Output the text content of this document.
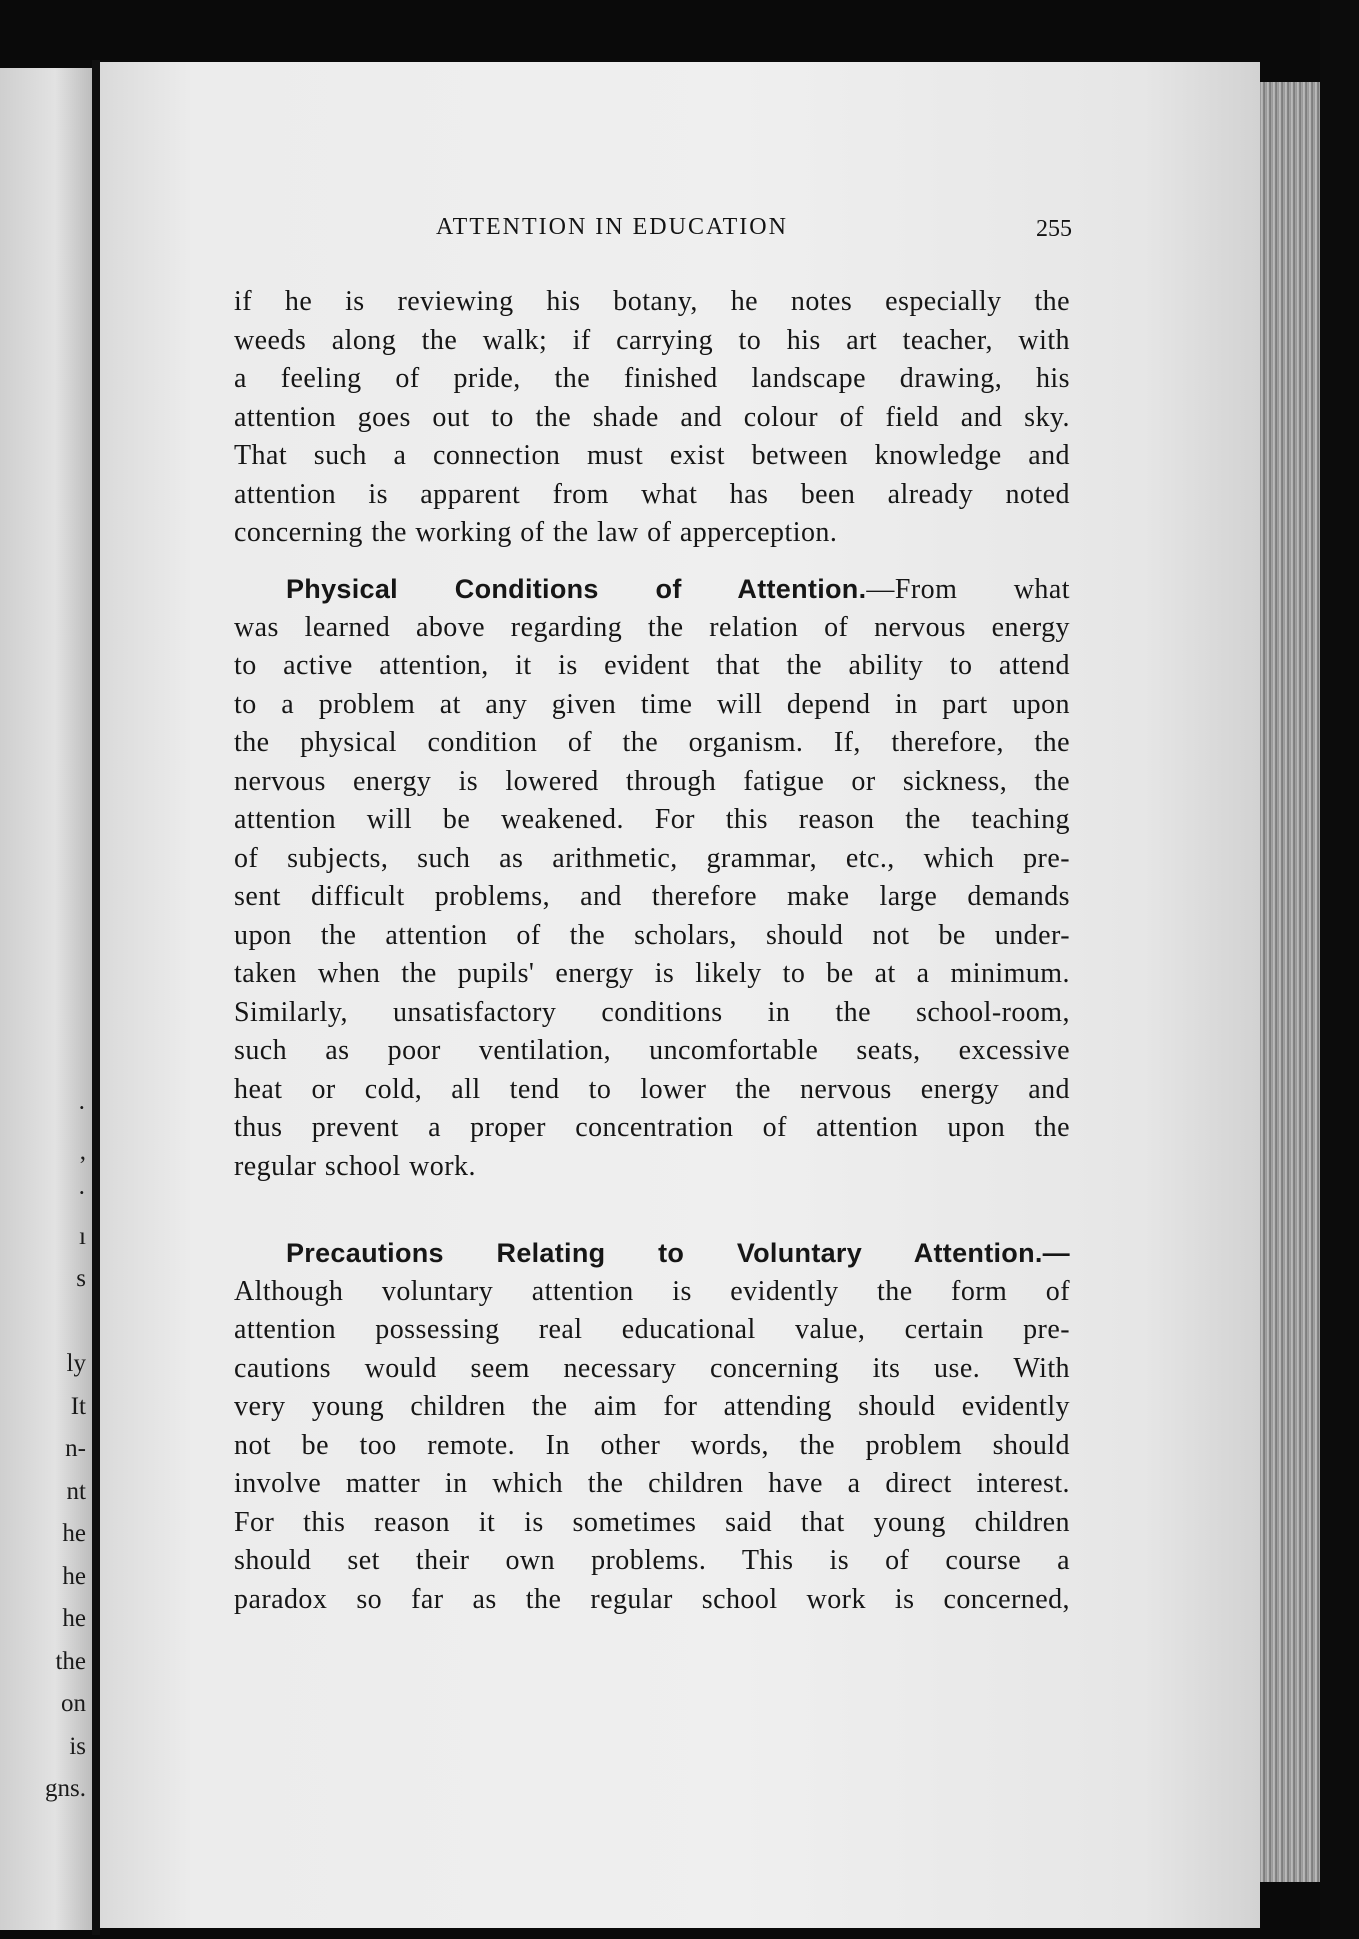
·
,
·
ı
s
ly
It
n-
nt
he
he
he
the
on
is
gns.
ATTENTION IN EDUCATION	255
if he is reviewing his botany, he notes especially the
weeds along the walk; if carrying to his art teacher, with
a feeling of pride, the finished landscape drawing, his
attention goes out to the shade and colour of field and sky.
That such a connection must exist between knowledge and
attention is apparent from what has been already noted
concerning the working of the law of apperception.
Physical Conditions of Attention.—From what
was learned above regarding the relation of nervous energy
to active attention, it is evident that the ability to attend
to a problem at any given time will depend in part upon
the physical condition of the organism. If, therefore, the
nervous energy is lowered through fatigue or sickness, the
attention will be weakened. For this reason the teaching
of subjects, such as arithmetic, grammar, etc., which pre-
sent difficult problems, and therefore make large demands
upon the attention of the scholars, should not be under-
taken when the pupils' energy is likely to be at a minimum.
Similarly, unsatisfactory conditions in the school-room,
such as poor ventilation, uncomfortable seats, excessive
heat or cold, all tend to lower the nervous energy and
thus prevent a proper concentration of attention upon the
regular school work.
Precautions Relating to Voluntary Attention.—
Although voluntary attention is evidently the form of
attention possessing real educational value, certain pre-
cautions would seem necessary concerning its use. With
very young children the aim for attending should evidently
not be too remote. In other words, the problem should
involve matter in which the children have a direct interest.
For this reason it is sometimes said that young children
should set their own problems. This is of course a
paradox so far as the regular school work is concerned,
